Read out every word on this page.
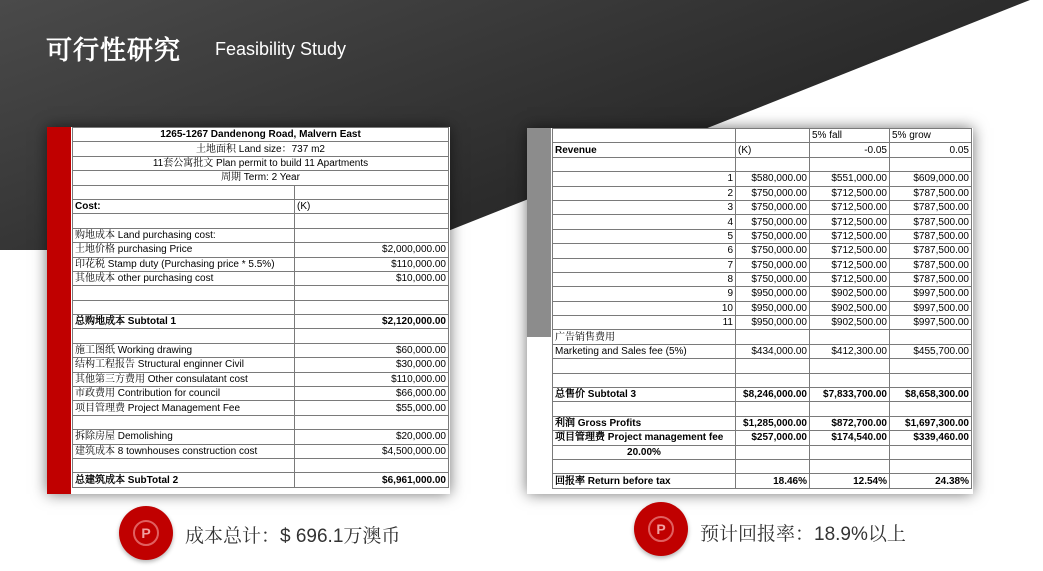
可行性研究 Feasibility Study
1265-1267 Dandenong Road, Malvern East	
土地面积 Land size：737 m2	
11套公寓批文 Plan permit to build 11 Apartments	
周期 Term: 2 Year	

Cost:	(K)

购地成本 Land purchasing cost:	
土地价格 purchasing Price	$2,000,000.00
印花税 Stamp duty (Purchasing price * 5.5%)	$110,000.00
其他成本 other purchasing cost	$10,000.00

总购地成本 Subtotal 1	$2,120,000.00

施工图纸 Working drawing	$60,000.00
结构工程报告 Structural enginner Civil	$30,000.00
其他第三方费用 Other consulatant cost	$110,000.00
市政费用 Contribution for council	$66,000.00
项目管理费 Project Management Fee	$55,000.00

拆除房屋 Demolishing	$20,000.00
建筑成本 8 townhouses construction cost	$4,500,000.00

总建筑成本 SubTotal 2	$6,961,000.00
		5% fall	5% grow
Revenue	(K)	-0.05	0.05

1	$580,000.00	$551,000.00	$609,000.00
2	$750,000.00	$712,500.00	$787,500.00
3	$750,000.00	$712,500.00	$787,500.00
4	$750,000.00	$712,500.00	$787,500.00
5	$750,000.00	$712,500.00	$787,500.00
6	$750,000.00	$712,500.00	$787,500.00
7	$750,000.00	$712,500.00	$787,500.00
8	$750,000.00	$712,500.00	$787,500.00
9	$950,000.00	$902,500.00	$997,500.00
10	$950,000.00	$902,500.00	$997,500.00
11	$950,000.00	$902,500.00	$997,500.00
广告销售费用			
Marketing and Sales fee (5%)	$434,000.00	$412,300.00	$455,700.00

总售价 Subtotal 3	$8,246,000.00	$7,833,700.00	$8,658,300.00

利润 Gross Profits	$1,285,000.00	$872,700.00	$1,697,300.00
项目管理费 Project management fee	$257,000.00	$174,540.00	$339,460.00
20.00%			

回报率 Return before tax	18.46%	12.54%	24.38%
P	成本总计：$ 696.1万澳币	P	预计回报率：18.9%以上
